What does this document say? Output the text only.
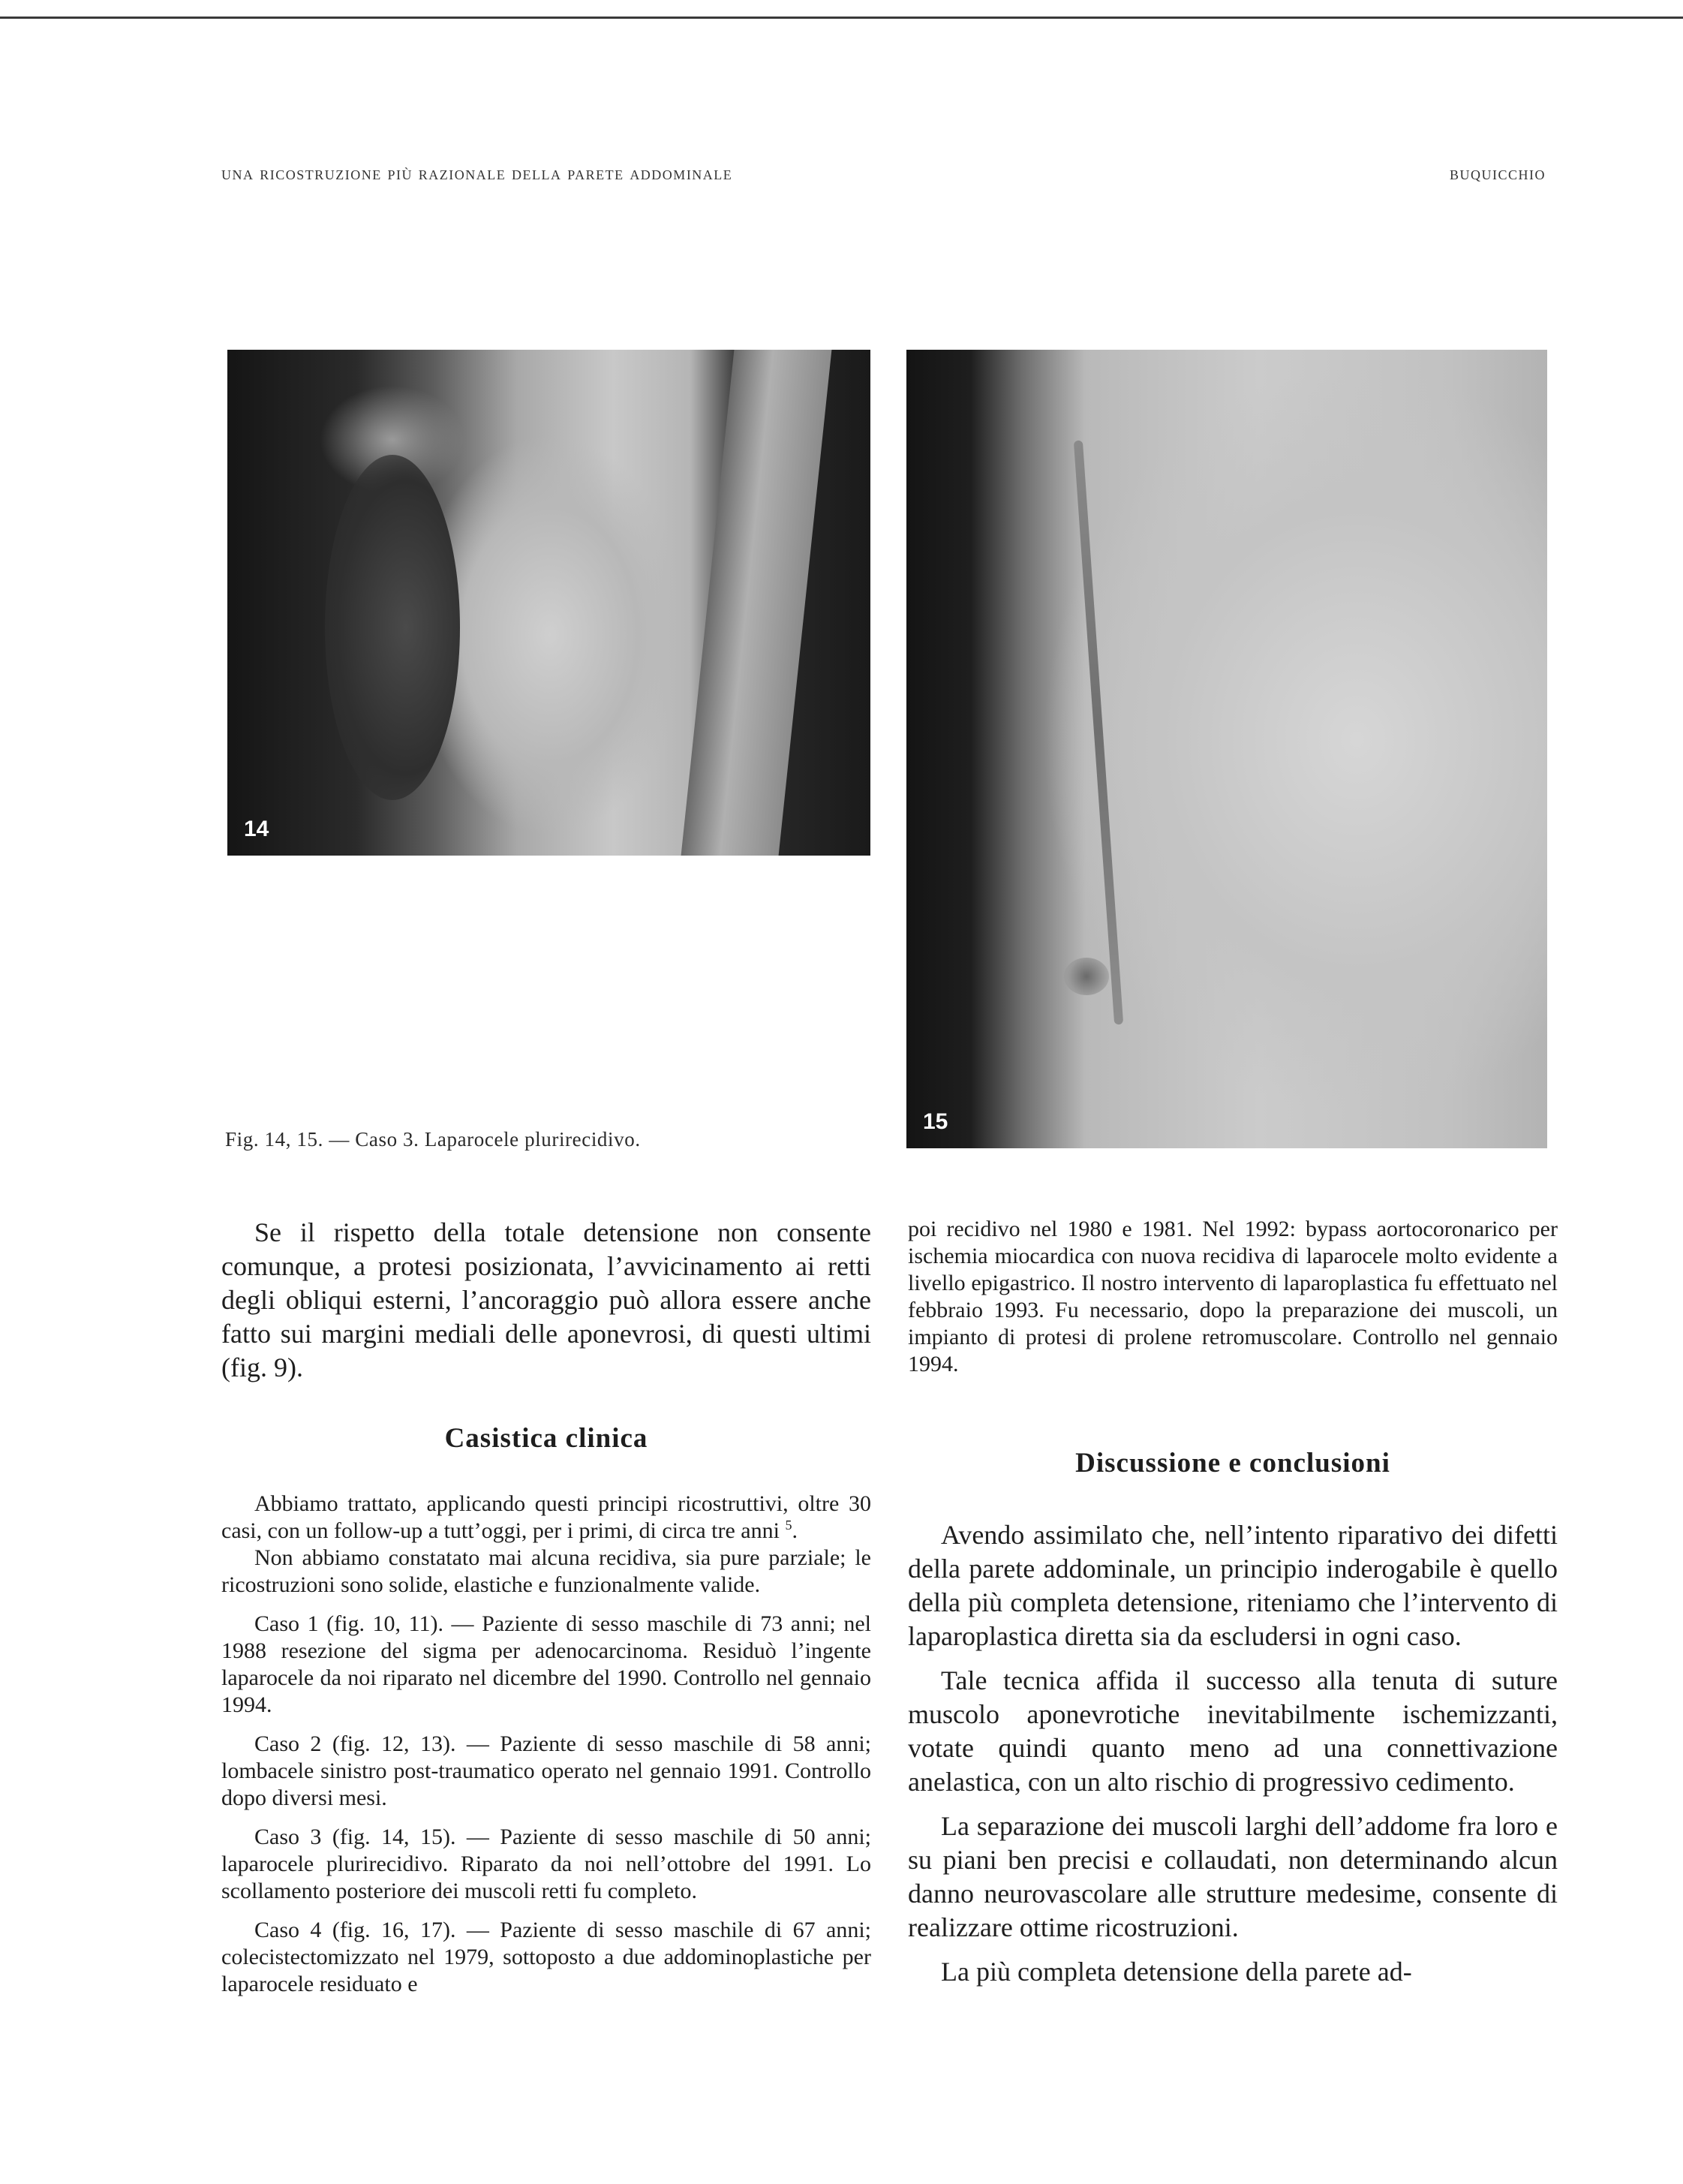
una ricostruzione più razionale della parete addominale	buquicchio
14
15
Fig. 14, 15. — Caso 3. Laparocele plurirecidivo.

Se il rispetto della totale detensione non consente comunque, a protesi posizionata, l’avvicinamento ai retti degli obliqui esterni, l’ancoraggio può allora essere anche fatto sui margini mediali delle aponevrosi, di questi ultimi (fig. 9).

Casistica clinica

Abbiamo trattato, applicando questi principi ricostruttivi, oltre 30 casi, con un follow-up a tutt’oggi, per i primi, di circa tre anni $^5$.

Non abbiamo constatato mai alcuna recidiva, sia pure parziale; le ricostruzioni sono solide, elastiche e funzionalmente valide.

Caso 1 (fig. 10, 11). — Paziente di sesso maschile di 73 anni; nel 1988 resezione del sigma per adenocarcinoma. Residuò l’ingente laparocele da noi riparato nel dicembre del 1990. Controllo nel gennaio 1994.

Caso 2 (fig. 12, 13). — Paziente di sesso maschile di 58 anni; lombacele sinistro post-traumatico operato nel gennaio 1991. Controllo dopo diversi mesi.

Caso 3 (fig. 14, 15). — Paziente di sesso maschile di 50 anni; laparocele plurirecidivo. Riparato da noi nell’ottobre del 1991. Lo scollamento posteriore dei muscoli retti fu completo.

Caso 4 (fig. 16, 17). — Paziente di sesso maschile di 67 anni; colecistectomizzato nel 1979, sottoposto a due addominoplastiche per laparocele residuato e

poi recidivo nel 1980 e 1981. Nel 1992: bypass aortocoronarico per ischemia miocardica con nuova recidiva di laparocele molto evidente a livello epigastrico. Il nostro intervento di laparoplastica fu effettuato nel febbraio 1993. Fu necessario, dopo la preparazione dei muscoli, un impianto di protesi di prolene retromuscolare. Controllo nel gennaio 1994.

Discussione e conclusioni

Avendo assimilato che, nell’intento riparativo dei difetti della parete addominale, un principio inderogabile è quello della più completa detensione, riteniamo che l’intervento di laparoplastica diretta sia da escludersi in ogni caso.

Tale tecnica affida il successo alla tenuta di suture muscolo aponevrotiche inevitabilmente ischemizzanti, votate quindi quanto meno ad una connettivazione anelastica, con un alto rischio di progressivo cedimento.

La separazione dei muscoli larghi dell’addome fra loro e su piani ben precisi e collaudati, non determinando alcun danno neurovascolare alle strutture medesime, consente di realizzare ottime ricostruzioni.

La più completa detensione della parete ad-
